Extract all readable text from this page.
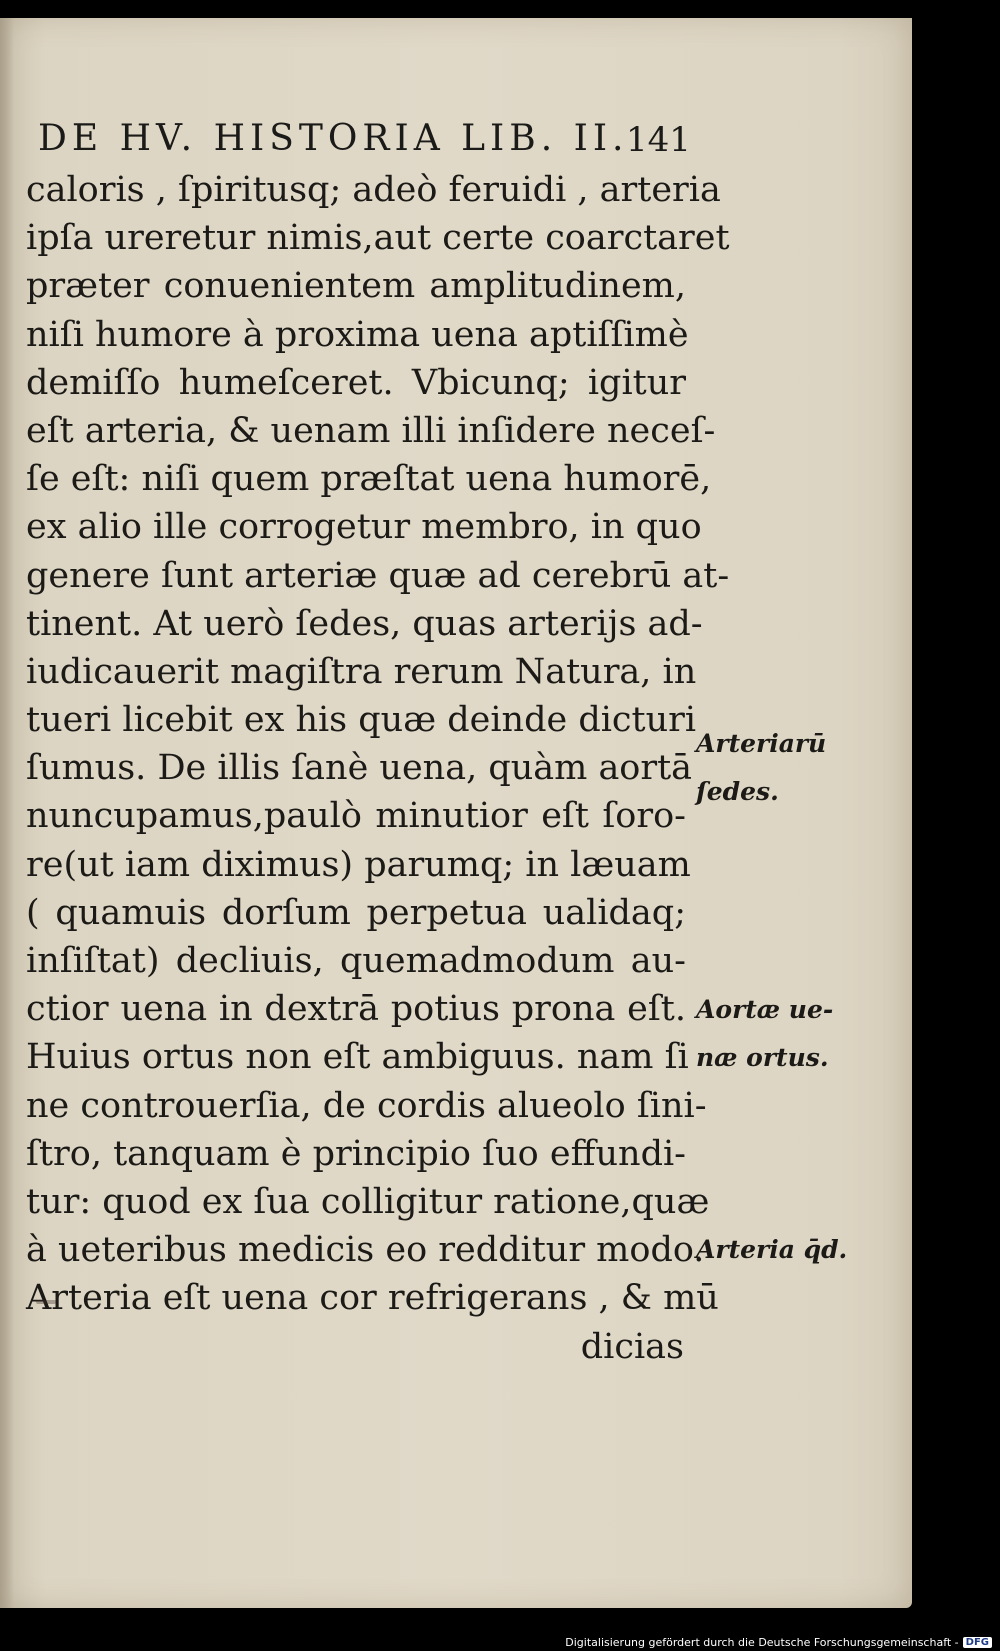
DE HV. HISTORIA LIB. II.
141
caloris , ſpiritusq; adeò feruidi , arteria
ipſa ureretur nimis,aut certe coarctaret
præter conuenientem amplitudinem,
niſi humore à proxima uena aptiſſimè
demiſſo humeſceret. Vbicunq; igitur
eſt arteria, & uenam illi inſidere neceſ-
ſe eſt: niſi quem præſtat uena humorē,
ex alio ille corrogetur membro, in quo
genere ſunt arteriæ quæ ad cerebrū at-
tinent. At uerò ſedes, quas arterijs ad-
iudicauerit magiſtra rerum Natura, in
tueri licebit ex his quæ deinde dicturi
ſumus. De illis ſanè uena, quàm aortā
nuncupamus,paulò minutior eſt ſoro-
re(ut iam diximus) parumq; in læuam
( quamuis dorſum perpetua ualidaq;
inſiſtat) decliuis, quemadmodum au-
ctior uena in dextrā potius prona eſt.
Huius ortus non eſt ambiguus. nam ſi
ne controuerſia, de cordis alueolo ſini-
ſtro, tanquam è principio ſuo effundi-
tur: quod ex ſua colligitur ratione,quæ
à ueteribus medicis eo redditur modo.
Arteria eſt uena cor refrigerans , & mū
dicias
Arteriarū
ſedes.
Aortæ ue-
næ ortus.
Arteria q̄d.
Digitalisierung gefördert durch die Deutsche Forschungsgemeinschaft - DFG
